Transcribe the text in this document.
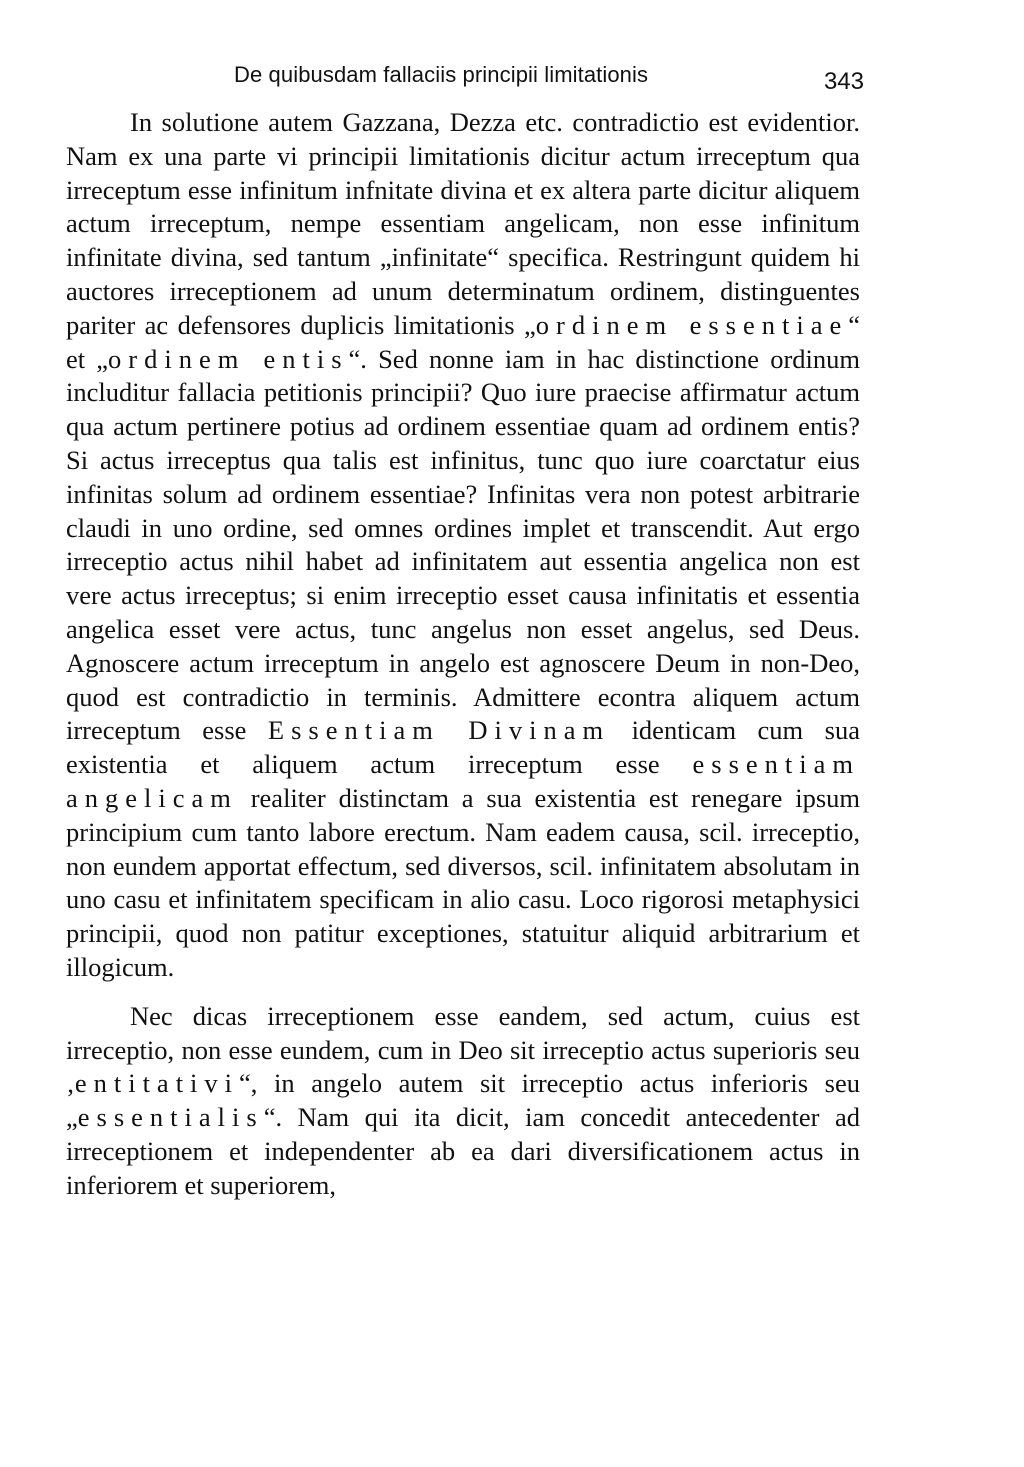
De quibusdam fallaciis principii limitationis	343

In solutione autem Gazzana, Dezza etc. contradictio est evidentior. Nam ex una parte vi principii limitationis dicitur actum irreceptum qua irreceptum esse infinitum infnitate divina et ex altera parte dicitur aliquem actum irreceptum, nempe essentiam angelicam, non esse infinitum infinitate divina, sed tantum „infinitate“ specifica. Restringunt quidem hi auctores irreceptionem ad unum determinatum ordinem, distinguentes pariter ac defensores duplicis limitationis „ordinem essentiae“ et „ordinem entis“. Sed nonne iam in hac distinctione ordinum includitur fallacia petitionis principii? Quo iure praecise affirmatur actum qua actum pertinere potius ad ordinem essentiae quam ad ordinem entis? Si actus irreceptus qua talis est infinitus, tunc quo iure coarctatur eius infinitas solum ad ordinem essentiae? Infinitas vera non potest arbitrarie claudi in uno ordine, sed omnes ordines implet et transcendit. Aut ergo irreceptio actus nihil habet ad infinitatem aut essentia angelica non est vere actus irreceptus; si enim irreceptio esset causa infinitatis et essentia angelica esset vere actus, tunc angelus non esset angelus, sed Deus. Agnoscere actum irreceptum in angelo est agnoscere Deum in non-Deo, quod est contradictio in terminis. Admittere econtra aliquem actum irreceptum esse Essentiam Divinam identicam cum sua existentia et aliquem actum irreceptum esse essentiam angelicam realiter distinctam a sua existentia est renegare ipsum principium cum tanto labore erectum. Nam eadem causa, scil. irreceptio, non eundem apportat effectum, sed diversos, scil. infinitatem absolutam in uno casu et infinitatem specificam in alio casu. Loco rigorosi metaphysici principii, quod non patitur exceptiones, statuitur aliquid arbitrarium et illogicum.

Nec dicas irreceptionem esse eandem, sed actum, cuius est irreceptio, non esse eundem, cum in Deo sit irreceptio actus superioris seu ‚entitativi“, in angelo autem sit irreceptio actus inferioris seu „essentialis“. Nam qui ita dicit, iam concedit antecedenter ad irreceptionem et independenter ab ea dari diversificationem actus in inferiorem et superiorem,
